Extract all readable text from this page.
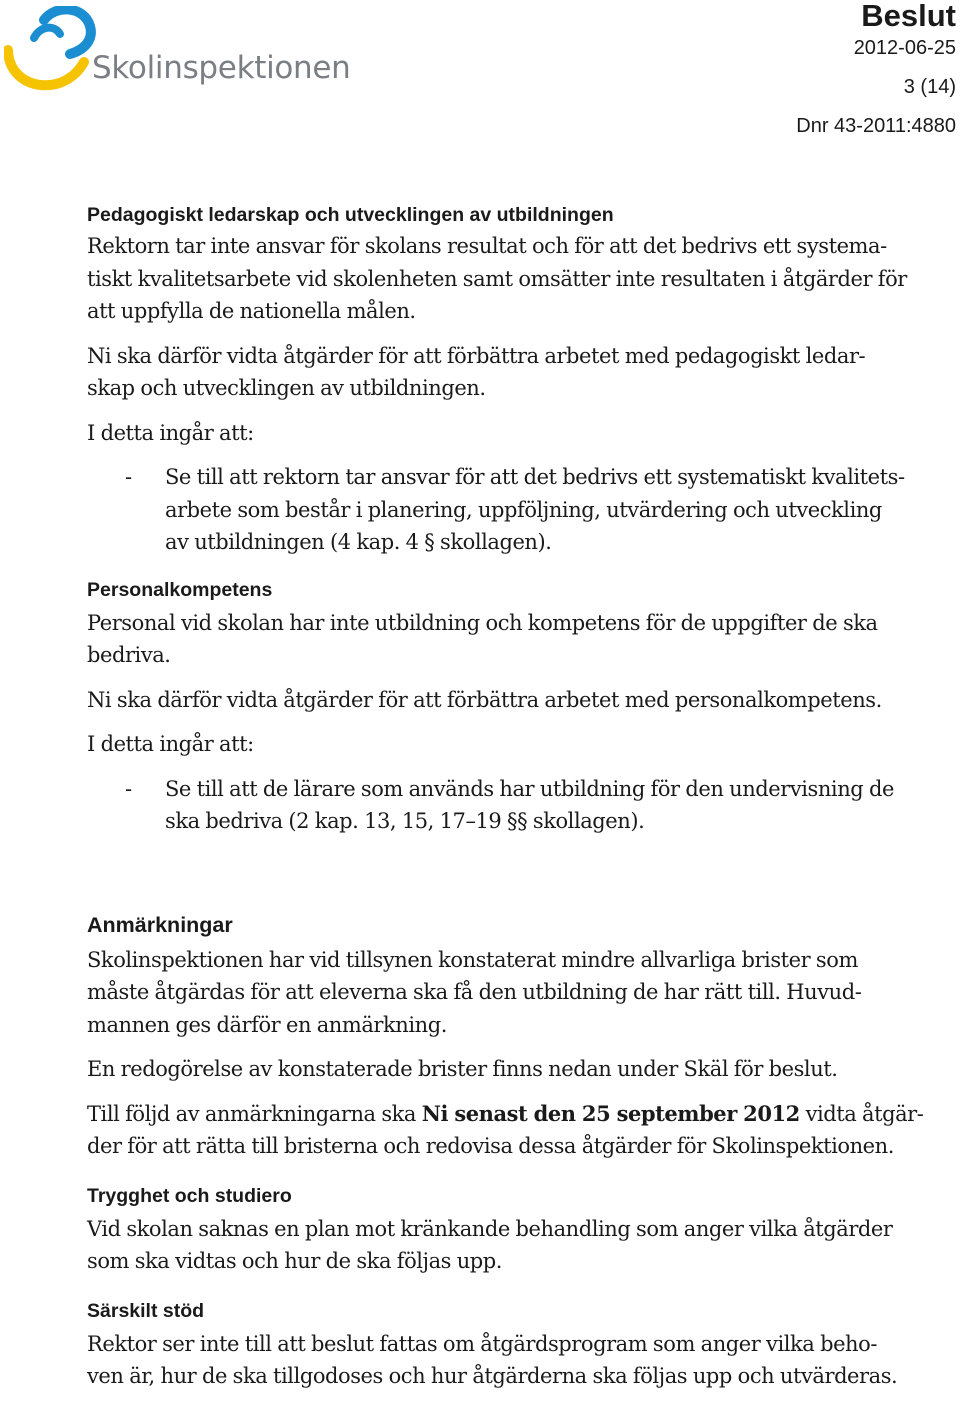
Skolinspektionen
Beslut
2012-06-25
3 (14)
Dnr 43-2011:4880
Pedagogiskt ledarskap och utvecklingen av utbildningen
Rektorn tar inte ansvar för skolans resultat och för att det bedrivs ett systema-
tiskt kvalitetsarbete vid skolenheten samt omsätter inte resultaten i åtgärder för
att uppfylla de nationella målen.
Ni ska därför vidta åtgärder för att förbättra arbetet med pedagogiskt ledar-
skap och utvecklingen av utbildningen.
I detta ingår att:
- Se till att rektorn tar ansvar för att det bedrivs ett systematiskt kvalitets-
arbete som består i planering, uppföljning, utvärdering och utveckling
av utbildningen (4 kap. 4 § skollagen).
Personalkompetens
Personal vid skolan har inte utbildning och kompetens för de uppgifter de ska
bedriva.
Ni ska därför vidta åtgärder för att förbättra arbetet med personalkompetens.
I detta ingår att:
- Se till att de lärare som används har utbildning för den undervisning de
ska bedriva (2 kap. 13, 15, 17–19 §§ skollagen).
Anmärkningar
Skolinspektionen har vid tillsynen konstaterat mindre allvarliga brister som
måste åtgärdas för att eleverna ska få den utbildning de har rätt till. Huvud-
mannen ges därför en anmärkning.
En redogörelse av konstaterade brister finns nedan under Skäl för beslut.
Till följd av anmärkningarna ska Ni senast den 25 september 2012 vidta åtgär-
der för att rätta till bristerna och redovisa dessa åtgärder för Skolinspektionen.
Trygghet och studiero
Vid skolan saknas en plan mot kränkande behandling som anger vilka åtgärder
som ska vidtas och hur de ska följas upp.
Särskilt stöd
Rektor ser inte till att beslut fattas om åtgärdsprogram som anger vilka beho-
ven är, hur de ska tillgodoses och hur åtgärderna ska följas upp och utvärderas.
